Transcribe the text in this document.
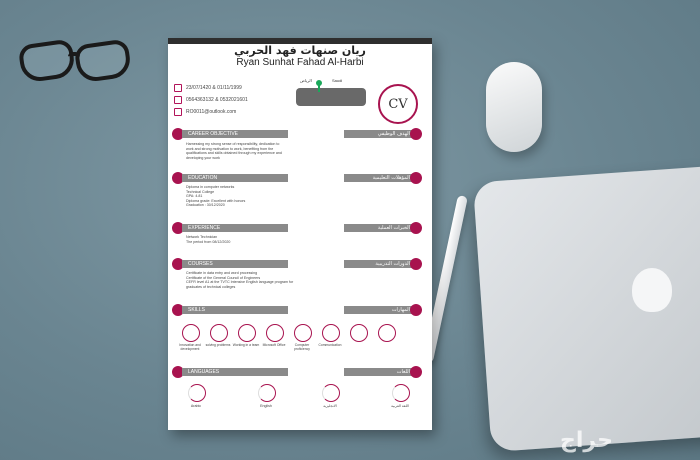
ريان صنهات فهد الحربي
Ryan Sunhat Fahad Al-Harbi
23/07/1420 & 01/11/1999
0564363132 & 0532021601
RO0011@outlook.com
الرياض	Saudi
CV
CAREER OBJECTIVE	الهدف الوظيفي
Harnessing my strong sense of responsibility, dedication to work and strong motivation to work, benefiting from the qualifications and skills obtained through my experience and developing your work
EDUCATION	المؤهلات التعليمية
Diploma in computer networks
Technical College
GPA: 4.81
Diploma grade: Excellent with honors
Graduation : 30/12/2020
EXPERIENCE	الخبرات العملية
Network Technician
The period from 08/12/2020
COURSES	الدورات التدريبية
Certificate in data entry and word processing
Certificate of the General Council of Engineers
CEFR level A1 at the TVTC Intensive English language program for graduates of technical colleges
SKILLS	المهارات
Innovation and development
solving problems Working in a team	Microsoft Office	Computer proficiency
Communication
LANGUAGES	اللغات
Arabic	English	الانجليزية	اللغة العربية
حراج
